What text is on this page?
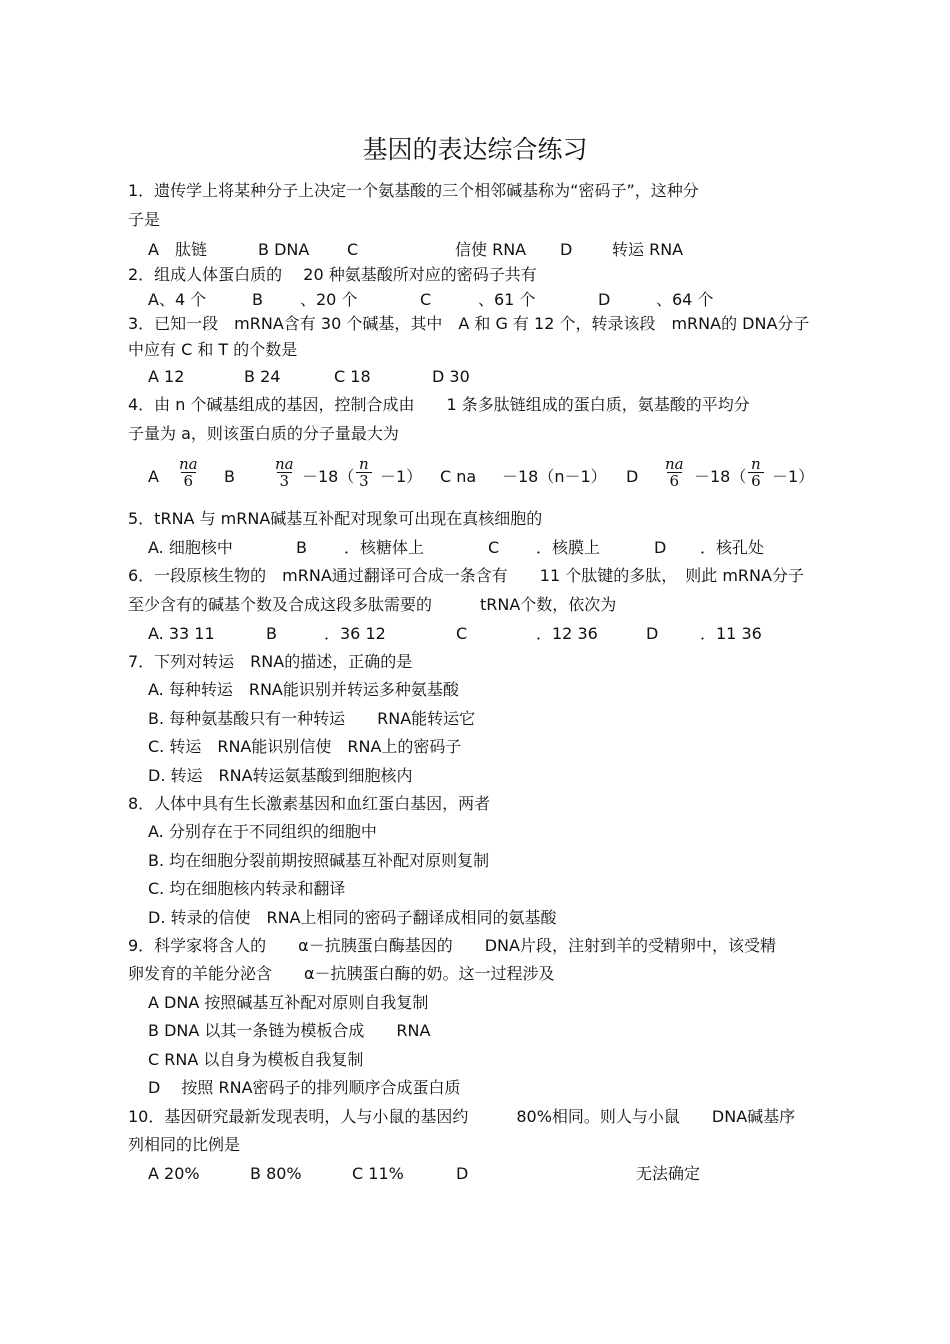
基因的表达综合练习
1．遗传学上将某种分子上决定一个氨基酸的三个相邻碱基称为“密码子”，这种分
子是
A　肽链	B DNA C	信使 RNA D 转运 RNA
2．组成人体蛋白质的　 20 种氨基酸所对应的密码子共有
A、4 个	B 、20 个	C	、61 个	D	、64 个
3．已知一段　mRNA含有 30 个碱基，其中　A 和 G 有 12 个，转录该段　mRNA的 DNA分子
中应有 C 和 T 的个数是
A 12	B 24	C 18	D 30
4．由 n 个碱基组成的基因，控制合成由　　1 条多肽链组成的蛋白质，氨基酸的平均分
子量为 a，则该蛋白质的分子量最大为
A $\frac{na}{6}$ B $\frac{na}{3} -18( \frac{n}{3} -1)$ C na －18（n－1） D $\frac{na}{6} -18( \frac{n}{6} -1)$
5．tRNA 与 mRNA碱基互补配对现象可出现在真核细胞的
A. 细胞核中	B ．核糖体上	C ．核膜上	D ．核孔处
6．一段原核生物的　mRNA通过翻译可合成一条含有　　11 个肽键的多肽，　则此 mRNA分子
至少含有的碱基个数及合成这段多肽需要的　　　tRNA个数，依次为
A. 33 11	B	．36 12	C	．12 36	D	．11 36
7．下列对转运　RNA的描述，正确的是
A. 每种转运　RNA能识别并转运多种氨基酸
B. 每种氨基酸只有一种转运　　RNA能转运它
C. 转运　RNA能识别信使　RNA上的密码子
D. 转运　RNA转运氨基酸到细胞核内
8．人体中具有生长激素基因和血红蛋白基因，两者
A. 分别存在于不同组织的细胞中
B. 均在细胞分裂前期按照碱基互补配对原则复制
C. 均在细胞核内转录和翻译
D. 转录的信使　RNA上相同的密码子翻译成相同的氨基酸
9．科学家将含人的　　α－抗胰蛋白酶基因的　　DNA片段，注射到羊的受精卵中，该受精
卵发育的羊能分泌含　　α－抗胰蛋白酶的奶。这一过程涉及
A DNA 按照碱基互补配对原则自我复制
B DNA 以其一条链为模板合成　　RNA
C RNA 以自身为模板自我复制
D　 按照 RNA密码子的排列顺序合成蛋白质
10．基因研究最新发现表明，人与小鼠的基因约　　　80%相同。则人与小鼠　　DNA碱基序
列相同的比例是
A 20%	B 80%	C 11%	D	无法确定
